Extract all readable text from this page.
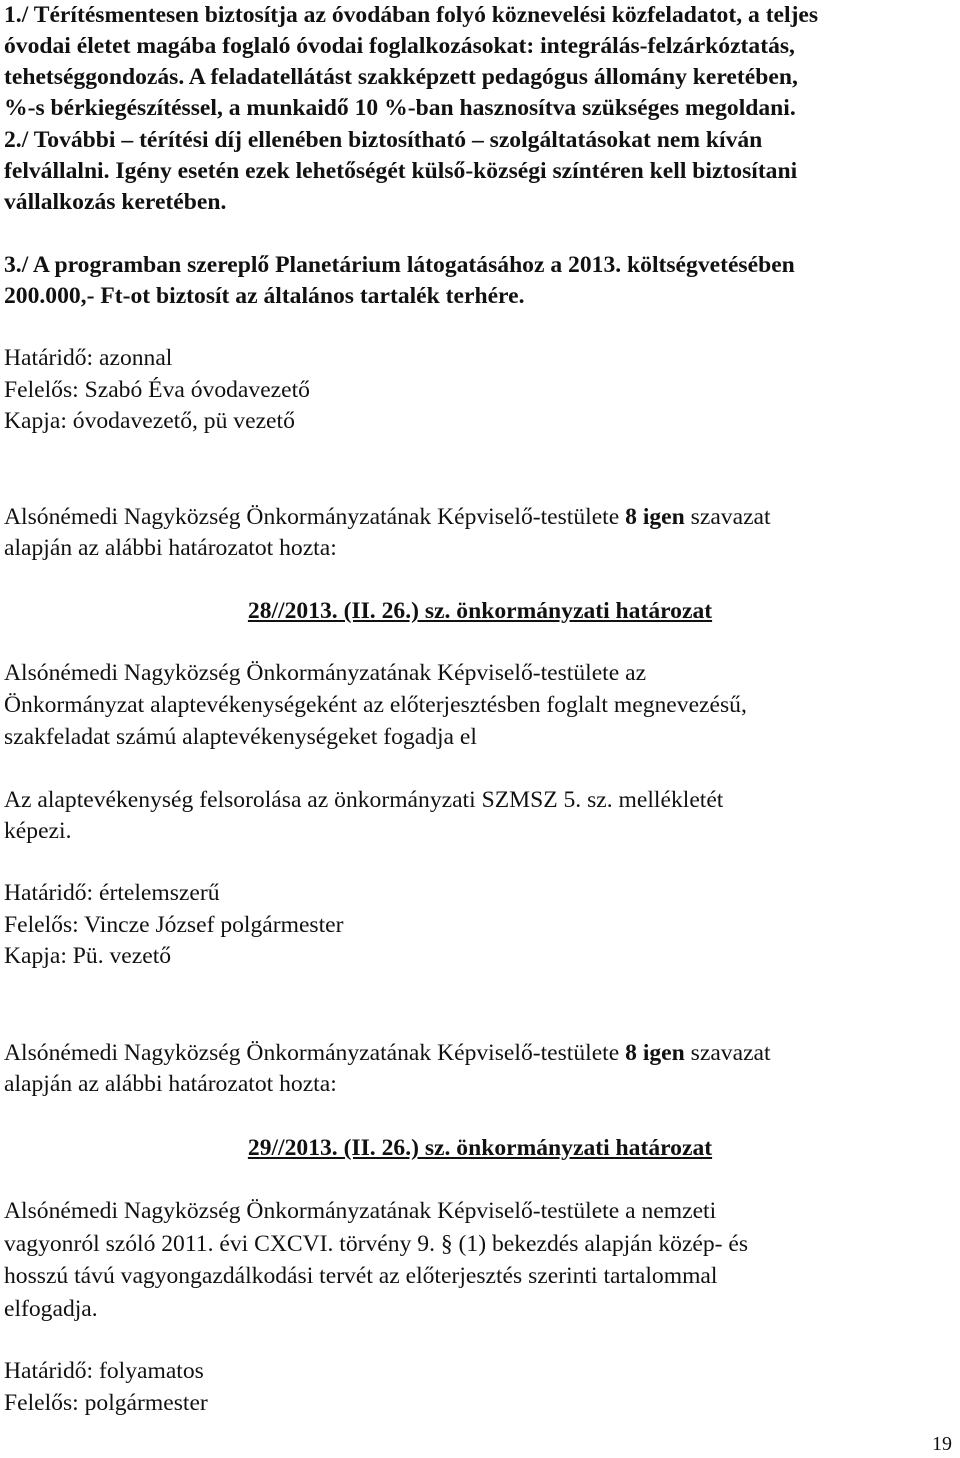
1./ Térítésmentesen biztosítja az óvodában folyó köznevelési közfeladatot, a teljes

óvodai életet magába foglaló óvodai foglalkozásokat: integrálás-felzárkóztatás,

tehetséggondozás. A feladatellátást szakképzett pedagógus állomány keretében,

%-s bérkiegészítéssel, a munkaidő 10 %-ban hasznosítva szükséges megoldani.

2./ További – térítési díj ellenében biztosítható – szolgáltatásokat nem kíván

felvállalni. Igény esetén ezek lehetőségét külső-községi színtéren kell biztosítani

vállalkozás keretében.

3./ A programban szereplő Planetárium látogatásához a 2013. költségvetésében

200.000,- Ft-ot biztosít az általános tartalék terhére.

Határidő: azonnal

Felelős: Szabó Éva óvodavezető

Kapja: óvodavezető, pü vezető

Alsónémedi Nagyközség Önkormányzatának Képviselő-testülete 8 igen szavazat

alapján az alábbi határozatot hozta:

28//2013. (II. 26.) sz. önkormányzati határozat

Alsónémedi Nagyközség Önkormányzatának Képviselő-testülete az

Önkormányzat alaptevékenységeként az előterjesztésben foglalt megnevezésű,

szakfeladat számú alaptevékenységeket fogadja el

Az alaptevékenység felsorolása az önkormányzati SZMSZ 5. sz. mellékletét

képezi.

Határidő: értelemszerű

Felelős: Vincze József polgármester

Kapja: Pü. vezető

Alsónémedi Nagyközség Önkormányzatának Képviselő-testülete 8 igen szavazat

alapján az alábbi határozatot hozta:

29//2013. (II. 26.) sz. önkormányzati határozat

Alsónémedi Nagyközség Önkormányzatának Képviselő-testülete a nemzeti

vagyonról szóló 2011. évi CXCVI. törvény 9. § (1) bekezdés alapján közép- és

hosszú távú vagyongazdálkodási tervét az előterjesztés szerinti tartalommal

elfogadja.

Határidő: folyamatos

Felelős: polgármester

19
